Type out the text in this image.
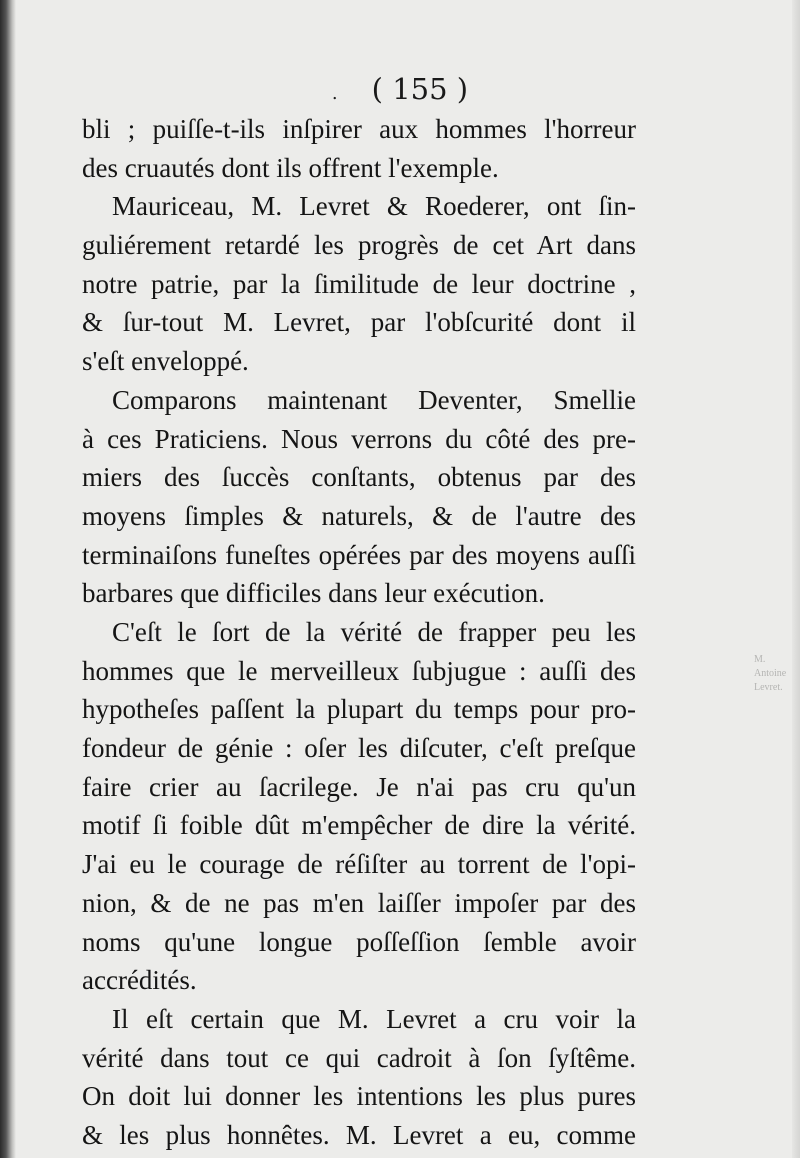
. ( 155 )
M. Antoine
Levret.
bli ; puiſſe-t-ils inſpirer aux hommes l'horreur
des cruautés dont ils offrent l'exemple.
Mauriceau, M. Levret & Roederer, ont ſin-
guliérement retardé les progrès de cet Art dans
notre patrie, par la ſimilitude de leur doctrine ,
& ſur-tout M. Levret, par l'obſcurité dont il
s'eſt enveloppé.
Comparons maintenant Deventer, Smellie
à ces Praticiens. Nous verrons du côté des pre-
miers des ſuccès conſtants, obtenus par des
moyens ſimples & naturels, & de l'autre des
terminaiſons funeſtes opérées par des moyens auſſi
barbares que difficiles dans leur exécution.
C'eſt le ſort de la vérité de frapper peu les
hommes que le merveilleux ſubjugue : auſſi des
hypotheſes paſſent la plupart du temps pour pro-
fondeur de génie : oſer les diſcuter, c'eſt preſque
faire crier au ſacrilege. Je n'ai pas cru qu'un
motif ſi foible dût m'empêcher de dire la vérité.
J'ai eu le courage de réſiſter au torrent de l'opi-
nion, & de ne pas m'en laiſſer impoſer par des
noms qu'une longue poſſeſſion ſemble avoir
accrédités.
Il eſt certain que M. Levret a cru voir la
vérité dans tout ce qui cadroit à ſon ſyſtême.
On doit lui donner les intentions les plus pures
& les plus honnêtes. M. Levret a eu, comme
